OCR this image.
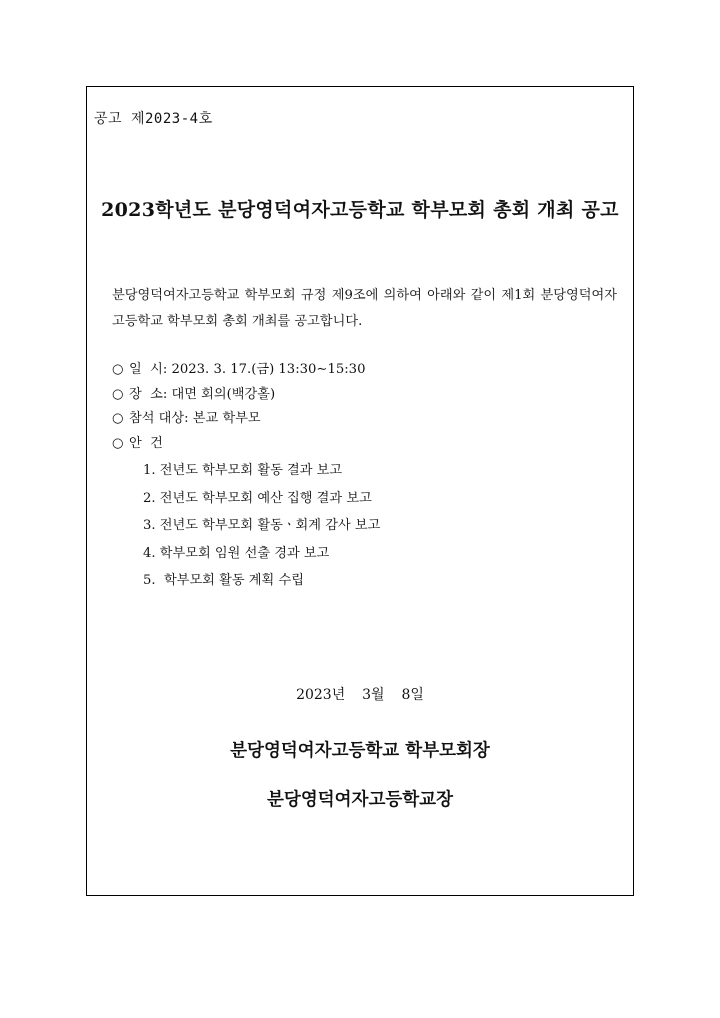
공고 제2023-4호
2023학년도 분당영덕여자고등학교 학부모회 총회 개최 공고
분당영덕여자고등학교 학부모회 규정 제9조에 의하여 아래와 같이 제1회 분당영덕여자고등학교 학부모회 총회 개최를 공고합니다.
○ 일  시: 2023. 3. 17.(금) 13:30∼15:30
○ 장  소: 대면 회의(백강홀)
○ 참석 대상: 본교 학부모
○ 안  건
1. 전년도 학부모회 활동 결과 보고
2. 전년도 학부모회 예산 집행 결과 보고
3. 전년도 학부모회 활동ㆍ회계 감사 보고
4. 학부모회 임원 선출 경과 보고
5.  학부모회 활동 계획 수립
2023년  3월  8일
분당영덕여자고등학교 학부모회장
분당영덕여자고등학교장
